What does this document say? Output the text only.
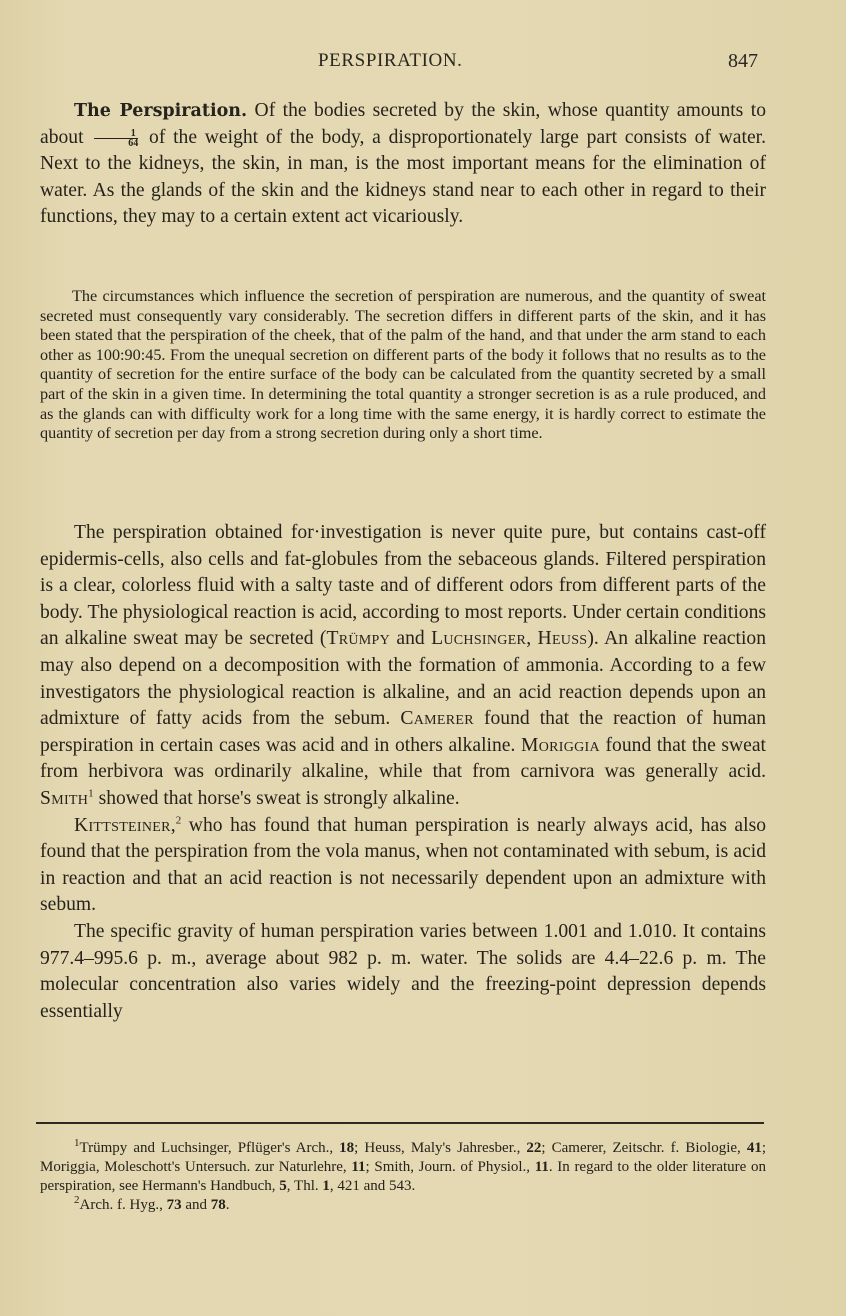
PERSPIRATION.	847

The Perspiration. Of the bodies secreted by the skin, whose quantity amounts to about $\frac{1}{64}$ of the weight of the body, a disproportionately large part consists of water. Next to the kidneys, the skin, in man, is the most important means for the elimination of water. As the glands of the skin and the kidneys stand near to each other in regard to their functions, they may to a certain extent act vicariously.

The circumstances which influence the secretion of perspiration are numerous, and the quantity of sweat secreted must consequently vary considerably. The secretion differs in different parts of the skin, and it has been stated that the perspiration of the cheek, that of the palm of the hand, and that under the arm stand to each other as 100:90:45. From the unequal secretion on different parts of the body it follows that no results as to the quantity of secretion for the entire surface of the body can be calculated from the quantity secreted by a small part of the skin in a given time. In determining the total quantity a stronger secretion is as a rule produced, and as the glands can with difficulty work for a long time with the same energy, it is hardly correct to estimate the quantity of secretion per day from a strong secretion during only a short time.

The perspiration obtained for·investigation is never quite pure, but contains cast-off epidermis-cells, also cells and fat-globules from the sebaceous glands. Filtered perspiration is a clear, colorless fluid with a salty taste and of different odors from different parts of the body. The physiological reaction is acid, according to most reports. Under certain conditions an alkaline sweat may be secreted (Trümpy and Luchsinger, Heuss). An alkaline reaction may also depend on a decomposition with the formation of ammonia. According to a few investigators the physiological reaction is alkaline, and an acid reaction depends upon an admixture of fatty acids from the sebum. Camerer found that the reaction of human perspiration in certain cases was acid and in others alkaline. Moriggia found that the sweat from herbivora was ordinarily alkaline, while that from carnivora was generally acid. Smith$^1$ showed that horse's sweat is strongly alkaline.

Kittsteiner,$^2$ who has found that human perspiration is nearly always acid, has also found that the perspiration from the vola manus, when not contaminated with sebum, is acid in reaction and that an acid reaction is not necessarily dependent upon an admixture with sebum.

The specific gravity of human perspiration varies between 1.001 and 1.010. It contains 977.4–995.6 p. m., average about 982 p. m. water. The solids are 4.4–22.6 p. m. The molecular concentration also varies widely and the freezing-point depression depends essentially

$^1$Trümpy and Luchsinger, Pflüger's Arch., 18; Heuss, Maly's Jahresber., 22; Camerer, Zeitschr. f. Biologie, 41; Moriggia, Moleschott's Untersuch. zur Naturlehre, 11; Smith, Journ. of Physiol., 11. In regard to the older literature on perspiration, see Hermann's Handbuch, 5, Thl. 1, 421 and 543.

$^2$Arch. f. Hyg., 73 and 78.
